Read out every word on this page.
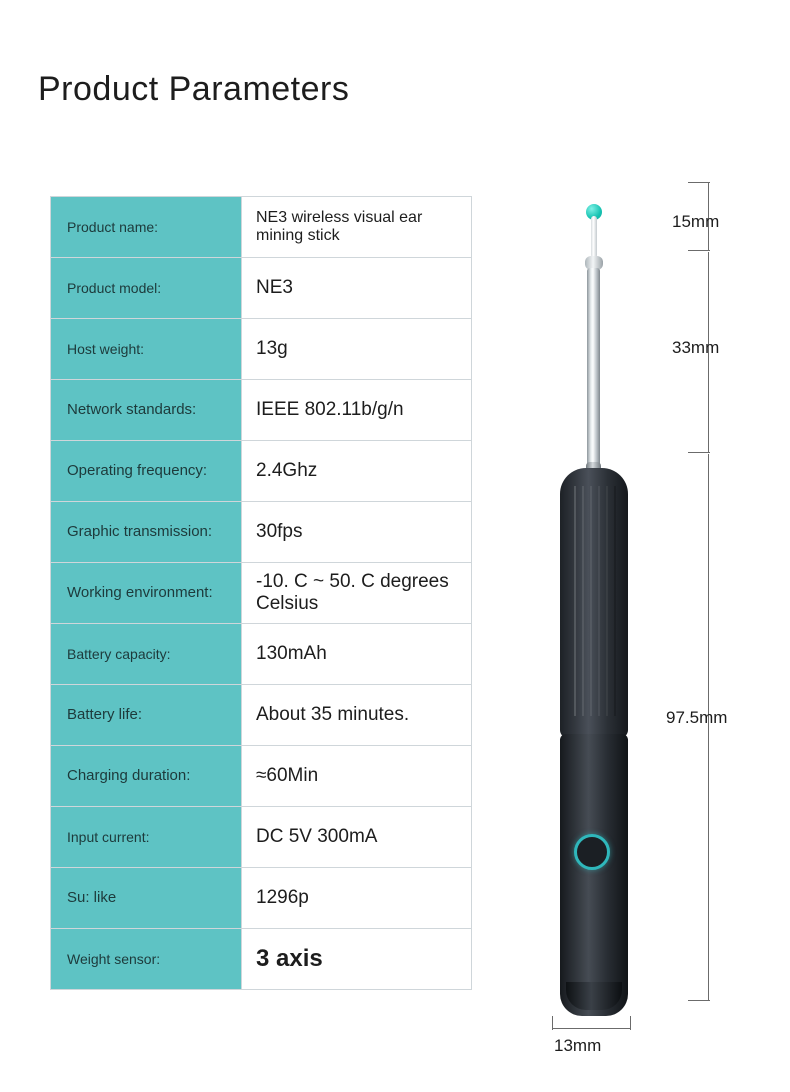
Product Parameters
Product name:	NE3 wireless visual ear mining stick
Product model:	NE3
Host weight:	13g
Network standards:	IEEE 802.11b/g/n
Operating frequency:	2.4Ghz
Graphic transmission:	30fps
Working environment:	-10. C ~ 50. C degrees Celsius
Battery capacity:	130mAh
Battery life:	About 35 minutes.
Charging duration:	≈60Min
Input current:	DC 5V 300mA
Su: like	1296p
Weight sensor:	3 axis
15mm
33mm
97.5mm
13mm
